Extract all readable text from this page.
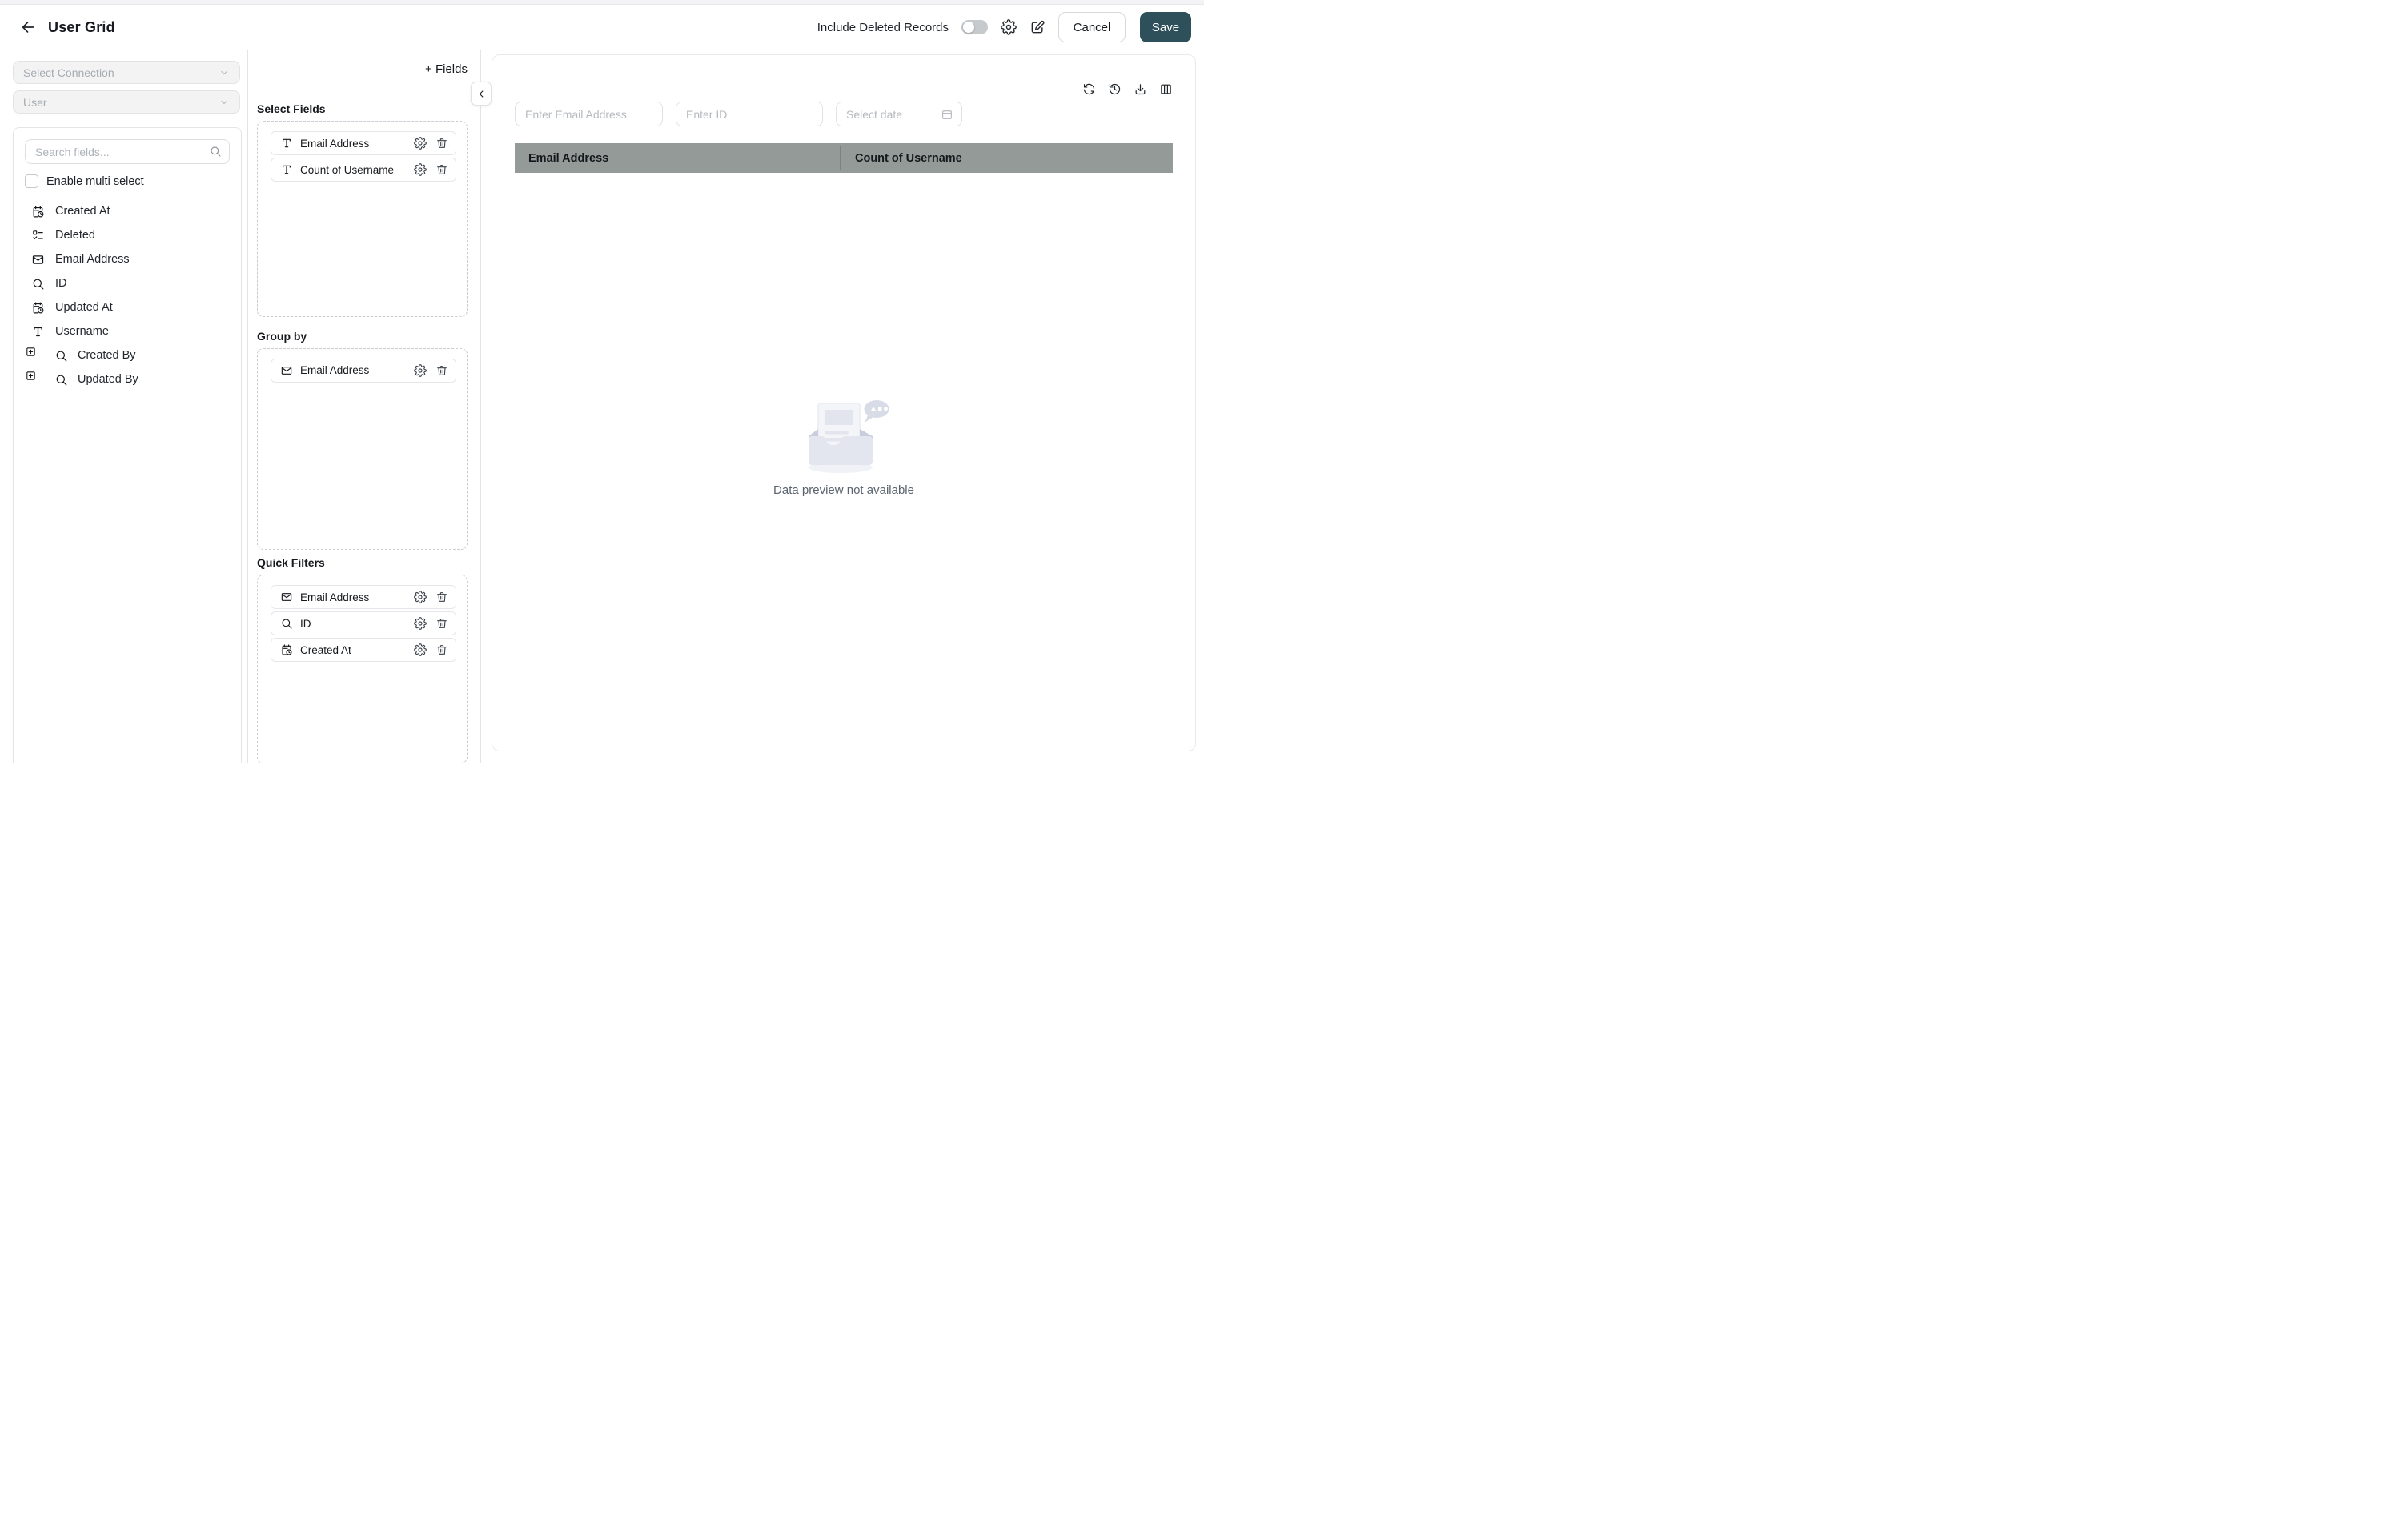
User Grid	Include Deleted Records	Cancel	Save
Select Connection
User
Search fields...
Enable multi select
Created At
Deleted
Email Address
ID
Updated At
Username
Created By
Updated By
+ Fields
Select Fields
Email Address
Count of Username
Group by
Email Address
Quick Filters
Email Address
ID
Created At
Enter Email Address
Enter ID
Select date
Email Address	Count of Username
Data preview not available
